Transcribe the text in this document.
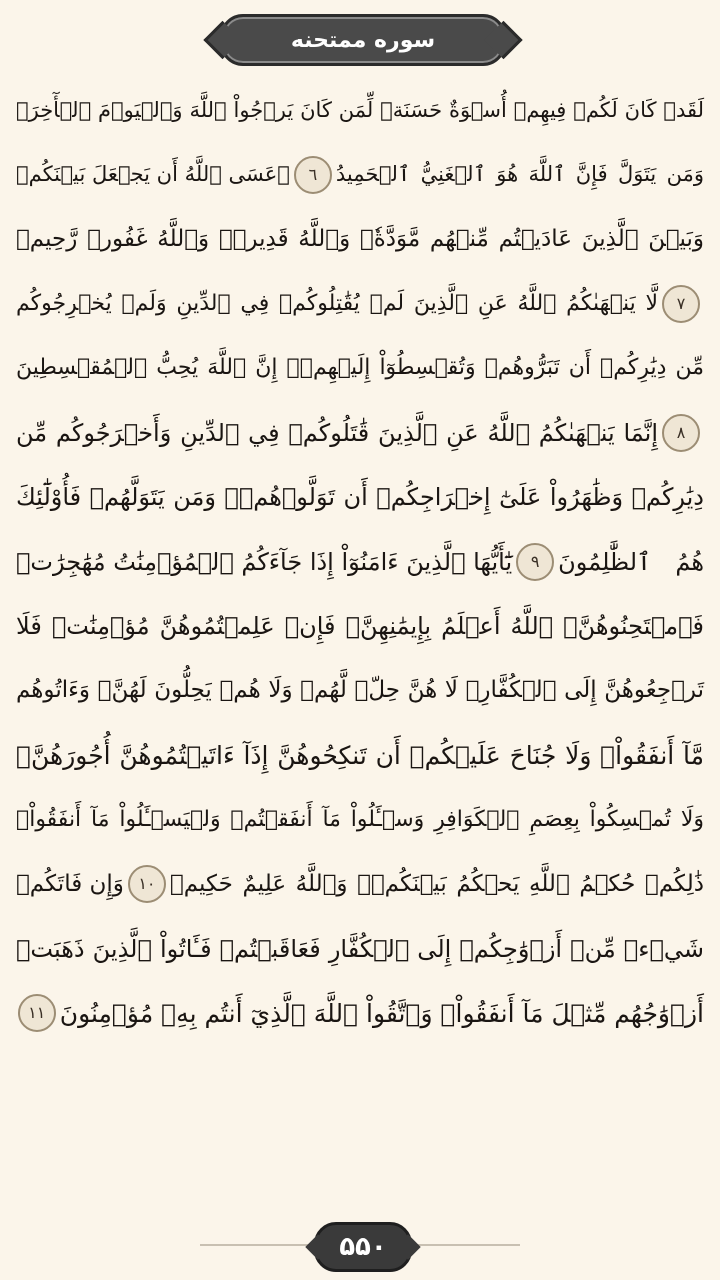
سوره ممتحنه
لَقَدۡ كَانَ لَكُمۡ فِيهِمۡ أُسۡوَةٌ حَسَنَةٞ لِّمَن كَانَ يَرۡجُواْ ٱللَّهَ وَٱلۡيَوۡمَ ٱلۡأٓخِرَۚ
وَمَن يَتَوَلَّ فَإِنَّ ٱللَّهَ هُوَ ٱلۡغَنِيُّ ٱلۡحَمِيدُ
٦
۞عَسَى ٱللَّهُ أَن يَجۡعَلَ بَيۡنَكُمۡ
وَبَيۡنَ ٱلَّذِينَ عَادَيۡتُم مِّنۡهُم مَّوَدَّةٗۚ وَٱللَّهُ قَدِيرٞۚ وَٱللَّهُ غَفُورٞ رَّحِيمٞ
٧
لَّا يَنۡهَىٰكُمُ ٱللَّهُ عَنِ ٱلَّذِينَ لَمۡ يُقَٰتِلُوكُمۡ فِي ٱلدِّينِ وَلَمۡ يُخۡرِجُوكُم
مِّن دِيَٰرِكُمۡ أَن تَبَرُّوهُمۡ وَتُقۡسِطُوٓاْ إِلَيۡهِمۡۚ إِنَّ ٱللَّهَ يُحِبُّ ٱلۡمُقۡسِطِينَ
٨
إِنَّمَا يَنۡهَىٰكُمُ ٱللَّهُ عَنِ ٱلَّذِينَ قَٰتَلُوكُمۡ فِي ٱلدِّينِ وَأَخۡرَجُوكُم مِّن
دِيَٰرِكُمۡ وَظَٰهَرُواْ عَلَىٰٓ إِخۡرَاجِكُمۡ أَن تَوَلَّوۡهُمۡۚ وَمَن يَتَوَلَّهُمۡ فَأُوْلَٰٓئِكَ
هُمُ ٱلظَّٰلِمُونَ
٩
يَٰٓأَيُّهَا ٱلَّذِينَ ءَامَنُوٓاْ إِذَا جَآءَكُمُ ٱلۡمُؤۡمِنَٰتُ مُهَٰجِرَٰتٖ
فَٱمۡتَحِنُوهُنَّۖ ٱللَّهُ أَعۡلَمُ بِإِيمَٰنِهِنَّۖ فَإِنۡ عَلِمۡتُمُوهُنَّ مُؤۡمِنَٰتٖ فَلَا
تَرۡجِعُوهُنَّ إِلَى ٱلۡكُفَّارِۖ لَا هُنَّ حِلّٞ لَّهُمۡ وَلَا هُمۡ يَحِلُّونَ لَهُنَّۖ وَءَاتُوهُم
مَّآ أَنفَقُواْۚ وَلَا جُنَاحَ عَلَيۡكُمۡ أَن تَنكِحُوهُنَّ إِذَآ ءَاتَيۡتُمُوهُنَّ أُجُورَهُنَّۚ
وَلَا تُمۡسِكُواْ بِعِصَمِ ٱلۡكَوَافِرِ وَسۡـَٔلُواْ مَآ أَنفَقۡتُمۡ وَلۡيَسۡـَٔلُواْ مَآ أَنفَقُواْۚ
ذَٰلِكُمۡ حُكۡمُ ٱللَّهِ يَحۡكُمُ بَيۡنَكُمۡۖ وَٱللَّهُ عَلِيمٌ حَكِيمٞ
١٠
وَإِن فَاتَكُمۡ
شَيۡءٞ مِّنۡ أَزۡوَٰجِكُمۡ إِلَى ٱلۡكُفَّارِ فَعَاقَبۡتُمۡ فَـَٔاتُواْ ٱلَّذِينَ ذَهَبَتۡ
أَزۡوَٰجُهُم مِّثۡلَ مَآ أَنفَقُواْۚ وَٱتَّقُواْ ٱللَّهَ ٱلَّذِيٓ أَنتُم بِهِۦ مُؤۡمِنُونَ
١١
۵۵۰
